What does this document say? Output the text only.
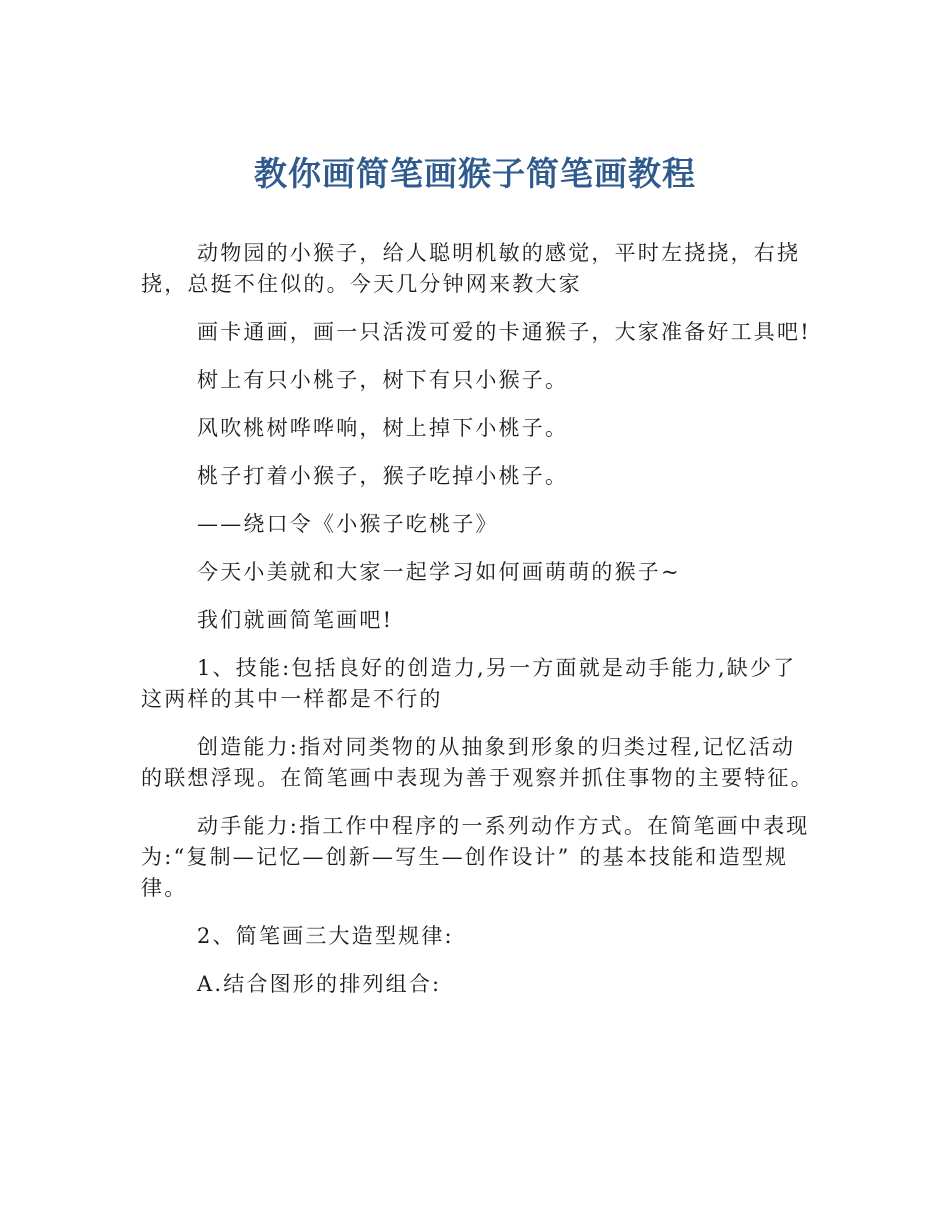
教你画简笔画猴子简笔画教程

动物园的小猴子，给人聪明机敏的感觉，平时左挠挠，右挠挠，总挺不住似的。今天几分钟网来教大家

画卡通画，画一只活泼可爱的卡通猴子，大家准备好工具吧!

树上有只小桃子，树下有只小猴子。

风吹桃树哗哗响，树上掉下小桃子。

桃子打着小猴子，猴子吃掉小桃子。

——绕口令《小猴子吃桃子》

今天小美就和大家一起学习如何画萌萌的猴子~

我们就画简笔画吧!

1、技能:包括良好的创造力,另一方面就是动手能力,缺少了这两样的其中一样都是不行的

创造能力:指对同类物的从抽象到形象的归类过程,记忆活动的联想浮现。在简笔画中表现为善于观察并抓住事物的主要特征。

动手能力:指工作中程序的一系列动作方式。在简笔画中表现为:“复制—记忆—创新—写生—创作设计” 的基本技能和造型规律。

2、简笔画三大造型规律:

A.结合图形的排列组合:
